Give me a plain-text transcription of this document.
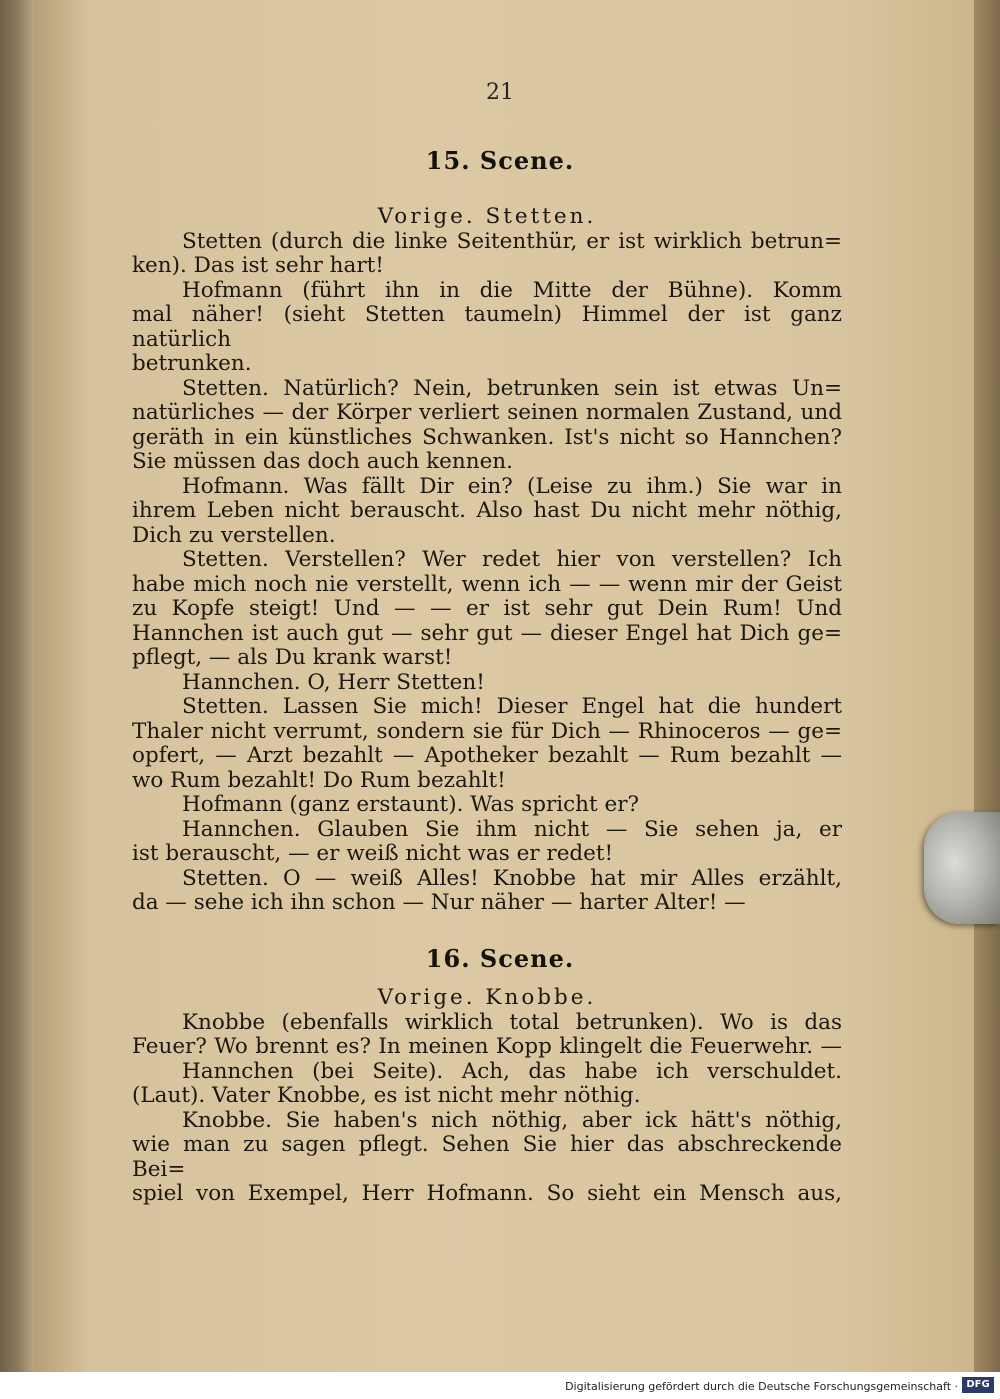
21
15. Scene.
Vorige. Stetten.
Stetten (durch die linke Seitenthür, er ist wirklich betrun=
ken). Das ist sehr hart!
Hofmann (führt ihn in die Mitte der Bühne). Komm
mal näher! (sieht Stetten taumeln) Himmel der ist ganz natürlich
betrunken.
Stetten. Natürlich? Nein, betrunken sein ist etwas Un=
natürliches — der Körper verliert seinen normalen Zustand, und
geräth in ein künstliches Schwanken. Ist's nicht so Hannchen?
Sie müssen das doch auch kennen.
Hofmann. Was fällt Dir ein? (Leise zu ihm.) Sie war in
ihrem Leben nicht berauscht. Also hast Du nicht mehr nöthig,
Dich zu verstellen.
Stetten. Verstellen? Wer redet hier von verstellen? Ich
habe mich noch nie verstellt, wenn ich — — wenn mir der Geist
zu Kopfe steigt! Und — — er ist sehr gut Dein Rum! Und
Hannchen ist auch gut — sehr gut — dieser Engel hat Dich ge=
pflegt, — als Du krank warst!
Hannchen. O, Herr Stetten!
Stetten. Lassen Sie mich! Dieser Engel hat die hundert
Thaler nicht verrumt, sondern sie für Dich — Rhinoceros — ge=
opfert, — Arzt bezahlt — Apotheker bezahlt — Rum bezahlt —
wo Rum bezahlt! Do Rum bezahlt!
Hofmann (ganz erstaunt). Was spricht er?
Hannchen. Glauben Sie ihm nicht — Sie sehen ja, er
ist berauscht, — er weiß nicht was er redet!
Stetten. O — weiß Alles! Knobbe hat mir Alles erzählt,
da — sehe ich ihn schon — Nur näher — harter Alter! —
16. Scene.
Vorige. Knobbe.
Knobbe (ebenfalls wirklich total betrunken). Wo is das
Feuer? Wo brennt es? In meinen Kopp klingelt die Feuerwehr. —
Hannchen (bei Seite). Ach, das habe ich verschuldet.
(Laut). Vater Knobbe, es ist nicht mehr nöthig.
Knobbe. Sie haben's nich nöthig, aber ick hätt's nöthig,
wie man zu sagen pflegt. Sehen Sie hier das abschreckende Bei=
spiel von Exempel, Herr Hofmann. So sieht ein Mensch aus,
Digitalisierung gefördert durch die Deutsche Forschungsgemeinschaft · DFG
